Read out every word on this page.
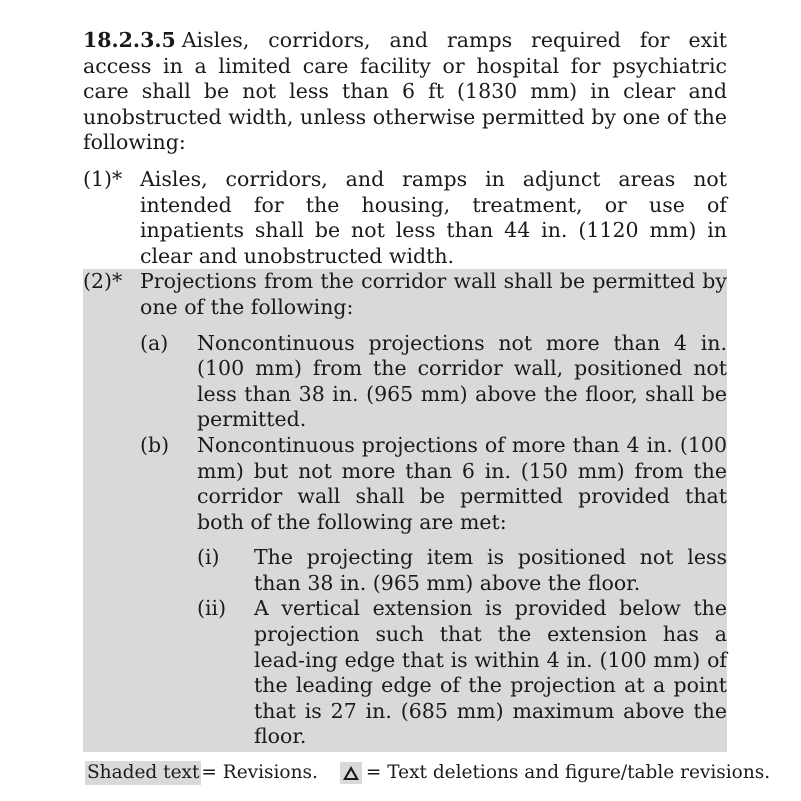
18.2.3.5 Aisles, corridors, and ramps required for exit access in a limited care facility or hospital for psychiatric care shall be not less than 6 ft (1830 mm) in clear and unobstructed width, unless otherwise permitted by one of the following:

(1)* Aisles, corridors, and ramps in adjunct areas not intended for the housing, treatment, or use of inpatients shall be not less than 44 in. (1120 mm) in clear and unobstructed width.
(2)* Projections from the corridor wall shall be permitted by one of the following:
(a)	Noncontinuous projections not more than 4 in. (100 mm) from the corridor wall, positioned not less than 38 in. (965 mm) above the floor, shall be permitted.
(b)	Noncontinuous projections of more than 4 in. (100 mm) but not more than 6 in. (150 mm) from the corridor wall shall be permitted provided that both of the following are met:
(i)	The projecting item is positioned not less than 38 in. (965 mm) above the floor.
(ii)	A vertical extension is provided below the projection such that the extension has a lead-ing edge that is within 4 in. (100 mm) of the leading edge of the projection at a point that is 27 in. (685 mm) maximum above the floor.
Shaded text = Revisions.	= Text deletions and figure/table revisions.
